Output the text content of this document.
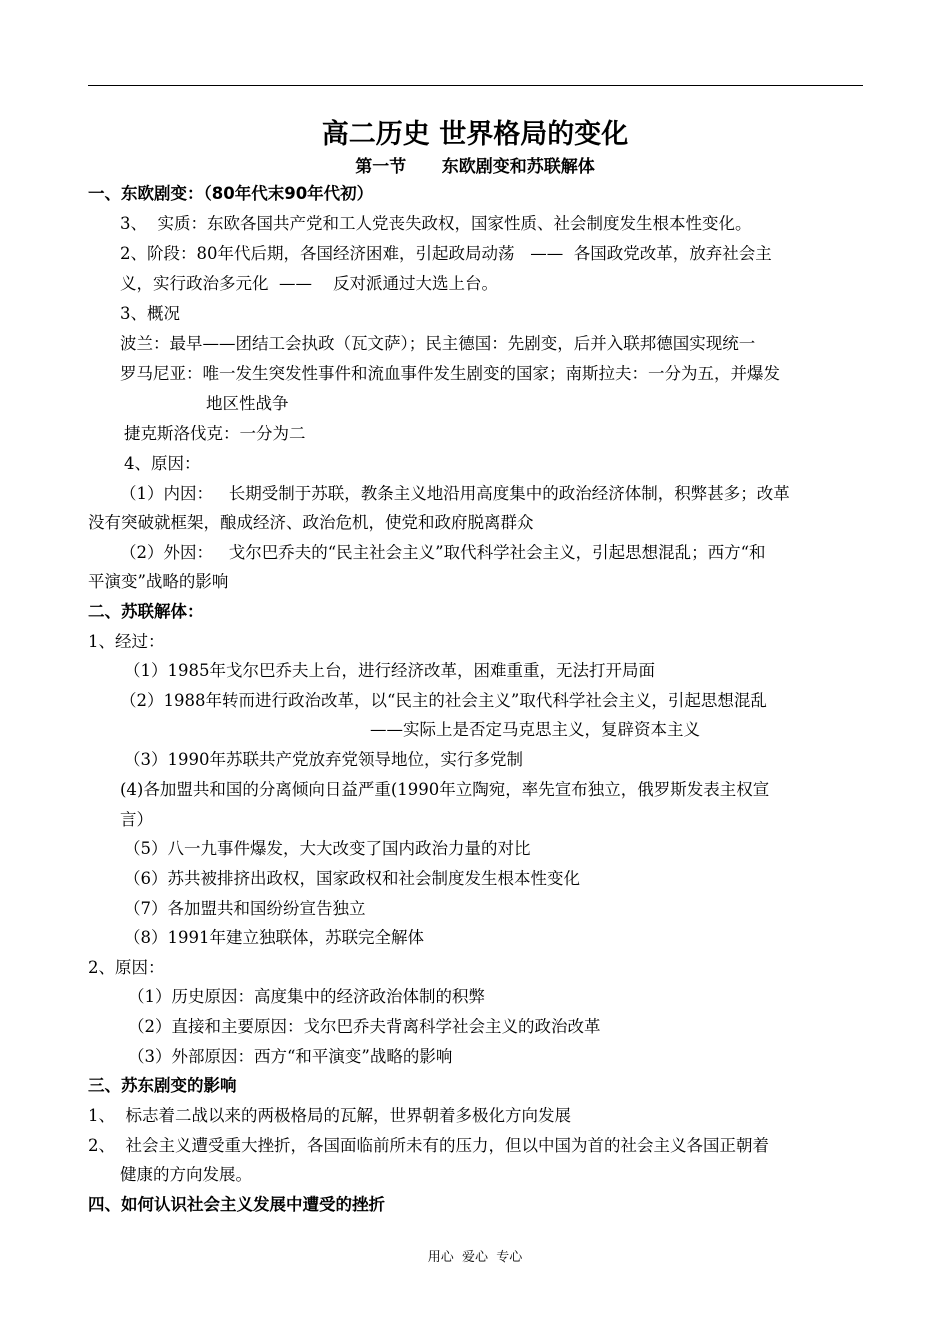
高二历史 世界格局的变化
第一节      东欧剧变和苏联解体
一、东欧剧变：（80年代末90年代初）
3、  实质：东欧各国共产党和工人党丧失政权，国家性质、社会制度发生根本性变化。
2、阶段：80年代后期，各国经济困难，引起政局动荡   ——  各国政党改革，放弃社会主
义，实行政治多元化  ——    反对派通过大选上台。
3、概况
波兰：最早——团结工会执政（瓦文萨）；民主德国：先剧变，后并入联邦德国实现统一
罗马尼亚：唯一发生突发性事件和流血事件发生剧变的国家；南斯拉夫：一分为五，并爆发
地区性战争
捷克斯洛伐克：一分为二
4、原因：
（1）内因：   长期受制于苏联，教条主义地沿用高度集中的政治经济体制，积弊甚多；改革
没有突破就框架，酿成经济、政治危机，使党和政府脱离群众
（2）外因：   戈尔巴乔夫的“民主社会主义”取代科学社会主义，引起思想混乱；西方“和
平演变”战略的影响
二、苏联解体：
1、经过：
（1）1985年戈尔巴乔夫上台，进行经济改革，困难重重，无法打开局面
（2）1988年转而进行政治改革，以“民主的社会主义”取代科学社会主义，引起思想混乱
——实际上是否定马克思主义，复辟资本主义
（3）1990年苏联共产党放弃党领导地位，实行多党制
(4)各加盟共和国的分离倾向日益严重(1990年立陶宛，率先宣布独立，俄罗斯发表主权宣
言）
（5）八一九事件爆发，大大改变了国内政治力量的对比
（6）苏共被排挤出政权，国家政权和社会制度发生根本性变化
（7）各加盟共和国纷纷宣告独立
（8）1991年建立独联体，苏联完全解体
2、原因：
（1）历史原因：高度集中的经济政治体制的积弊
（2）直接和主要原因：戈尔巴乔夫背离科学社会主义的政治改革
（3）外部原因：西方“和平演变”战略的影响
三、苏东剧变的影响
1、  标志着二战以来的两极格局的瓦解，世界朝着多极化方向发展
2、  社会主义遭受重大挫折，各国面临前所未有的压力，但以中国为首的社会主义各国正朝着
健康的方向发展。
四、如何认识社会主义发展中遭受的挫折
用心  爱心  专心
